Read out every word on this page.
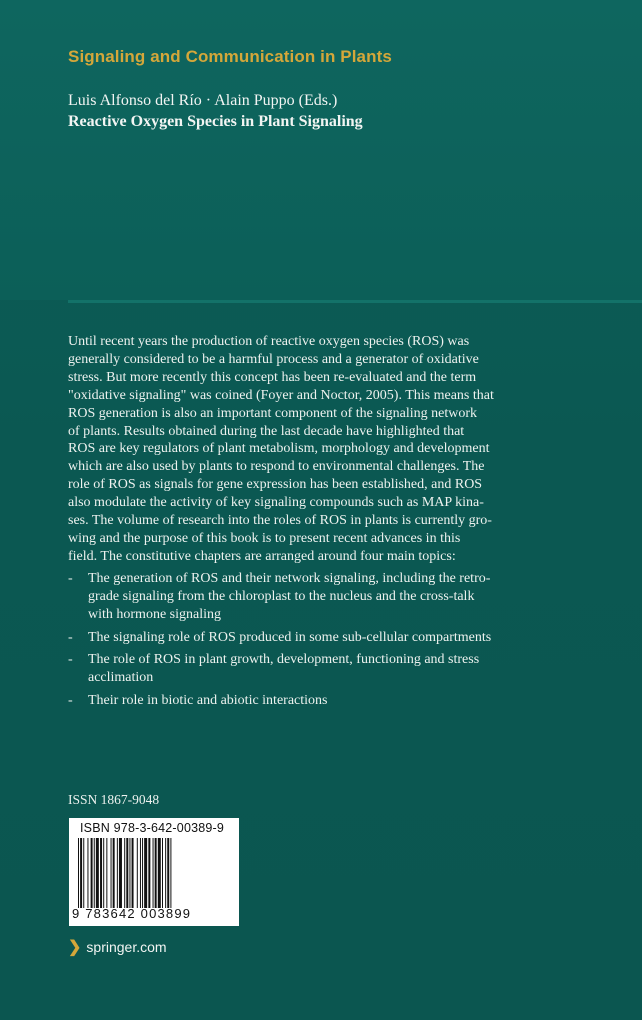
Signaling and Communication in Plants
Luis Alfonso del Río · Alain Puppo (Eds.)
Reactive Oxygen Species in Plant Signaling

Until recent years the production of reactive oxygen species (ROS) was
generally considered to be a harmful process and a generator of oxidative
stress. But more recently this concept has been re-evaluated and the term
"oxidative signaling" was coined (Foyer and Noctor, 2005). This means that
ROS generation is also an important component of the signaling network
of plants. Results obtained during the last decade have highlighted that
ROS are key regulators of plant metabolism, morphology and development
which are also used by plants to respond to environmental challenges. The
role of ROS as signals for gene expression has been established, and ROS
also modulate the activity of key signaling compounds such as MAP kina-
ses. The volume of research into the roles of ROS in plants is currently gro-
wing and the purpose of this book is to present recent advances in this
field. The constitutive chapters are arranged around four main topics:

- The generation of ROS and their network signaling, including the retro-
grade signaling from the chloroplast to the nucleus and the cross-talk
with hormone signaling
- The signaling role of ROS produced in some sub-cellular compartments
- The role of ROS in plant growth, development, functioning and stress
acclimation
- Their role in biotic and abiotic interactions
ISSN 1867-9048
ISBN 978-3-642-00389-9
9 783642 003899
❯ springer.com
